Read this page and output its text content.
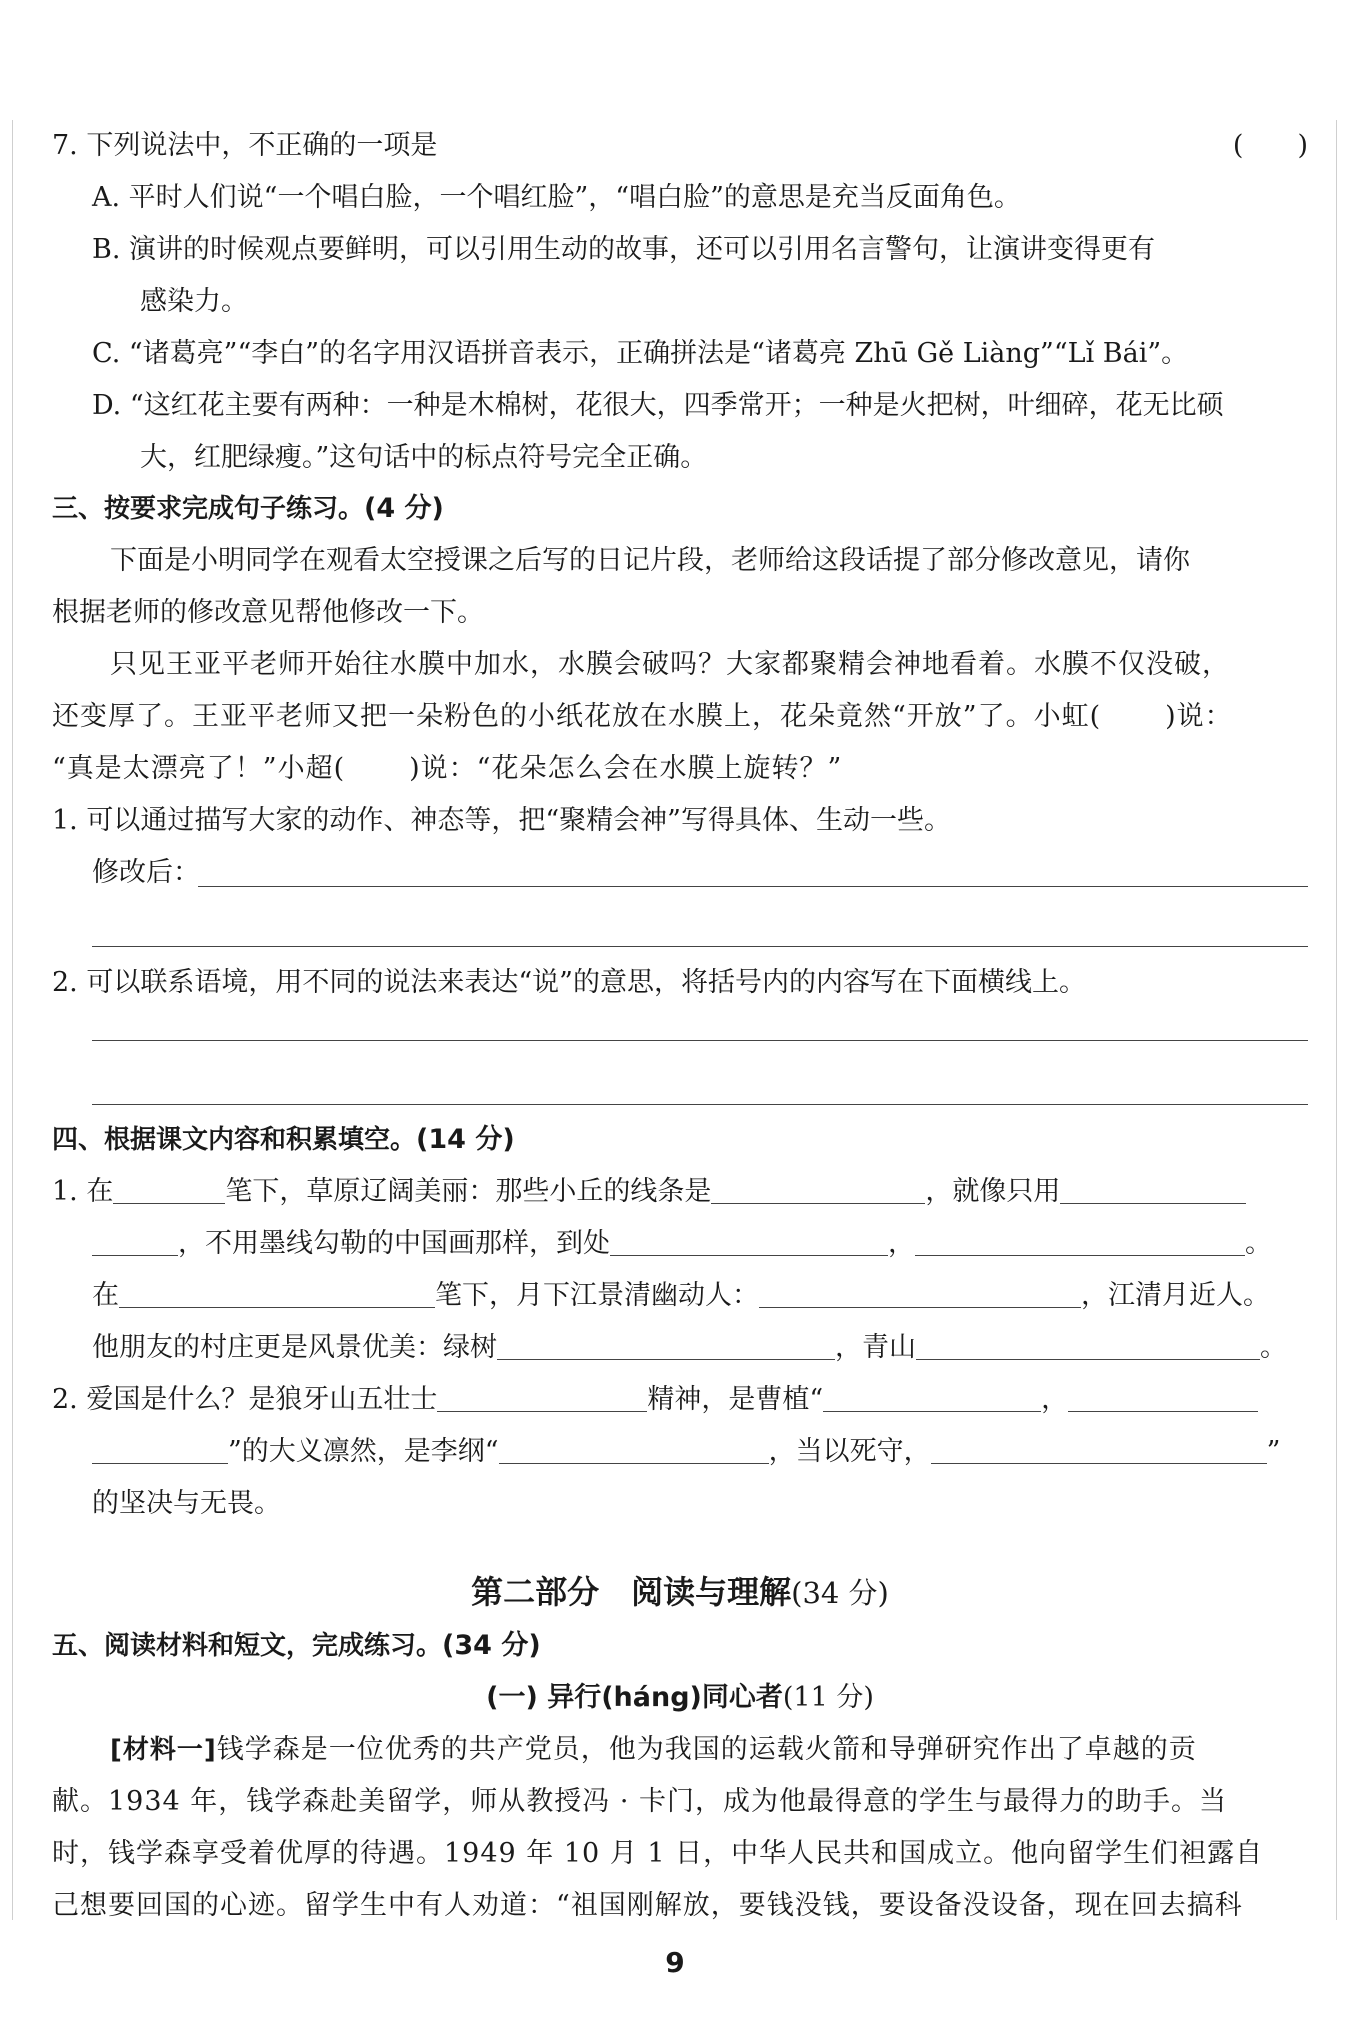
7. 下列说法中，不正确的一项是	(　　)
A. 平时人们说“一个唱白脸，一个唱红脸”，“唱白脸”的意思是充当反面角色。
B. 演讲的时候观点要鲜明，可以引用生动的故事，还可以引用名言警句，让演讲变得更有
感染力。
C. “诸葛亮”“李白”的名字用汉语拼音表示，正确拼法是“诸葛亮 Zhū Gě Liàng”“Lǐ Bái”。
D. “这红花主要有两种：一种是木棉树，花很大，四季常开；一种是火把树，叶细碎，花无比硕
大，红肥绿瘦。”这句话中的标点符号完全正确。
三、按要求完成句子练习。(4 分)
下面是小明同学在观看太空授课之后写的日记片段，老师给这段话提了部分修改意见，请你
根据老师的修改意见帮他修改一下。
只见王亚平老师开始往水膜中加水，水膜会破吗？大家都聚精会神地看着。水膜不仅没破，
还变厚了。王亚平老师又把一朵粉色的小纸花放在水膜上，花朵竟然“开放”了。小虹( )说：
“真是太漂亮了！”小超( )说：“花朵怎么会在水膜上旋转？”
1. 可以通过描写大家的动作、神态等，把“聚精会神”写得具体、生动一些。
修改后：
2. 可以联系语境，用不同的说法来表达“说”的意思，将括号内的内容写在下面横线上。
四、根据课文内容和积累填空。(14 分)
1. 在	笔下，草原辽阔美丽：那些小丘的线条是	，就像只用
，不用墨线勾勒的中国画那样，到处	，	。
在	笔下，月下江景清幽动人：	，江清月近人。
他朋友的村庄更是风景优美：绿树	，青山	。
2. 爱国是什么？是狼牙山五壮士	精神，是曹植“	，
”的大义凛然，是李纲“	，当以死守，	”
的坚决与无畏。
第二部分　阅读与理解(34 分)
五、阅读材料和短文，完成练习。(34 分)
(一) 异行(háng)同心者(11 分)
[材料一]钱学森是一位优秀的共产党员，他为我国的运载火箭和导弹研究作出了卓越的贡
献。1934 年，钱学森赴美留学，师从教授冯 · 卡门，成为他最得意的学生与最得力的助手。当
时，钱学森享受着优厚的待遇。1949 年 10 月 1 日，中华人民共和国成立。他向留学生们袒露自
己想要回国的心迹。留学生中有人劝道：“祖国刚解放，要钱没钱，要设备没设备，现在回去搞科
9
